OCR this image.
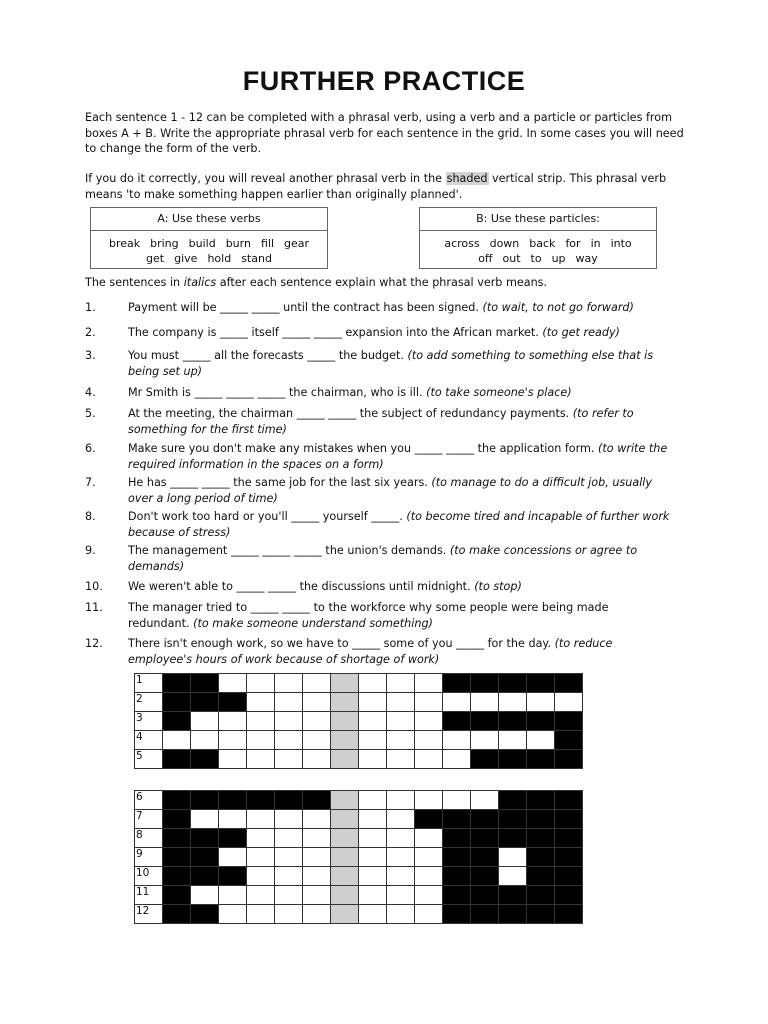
FURTHER PRACTICE
Each sentence 1 - 12 can be completed with a phrasal verb, using a verb and a particle or particles from boxes A + B. Write the appropriate phrasal verb for each sentence in the grid. In some cases you will need to change the form of the verb.
If you do it correctly, you will reveal another phrasal verb in the shaded vertical strip. This phrasal verb means 'to make something happen earlier than originally planned'.
A: Use these verbs
break bring build burn fill gear
get give hold stand
B: Use these particles:
across down back for in into
off out to up way
The sentences in italics after each sentence explain what the phrasal verb means.
1.	Payment will be _____ _____ until the contract has been signed. (to wait, to not go forward)
2.	The company is _____ itself _____ _____ expansion into the African market. (to get ready)
3.	You must _____ all the forecasts _____ the budget. (to add something to something else that is being set up)
4.	Mr Smith is _____ _____ _____ the chairman, who is ill. (to take someone's place)
5.	At the meeting, the chairman _____ _____ the subject of redundancy payments. (to refer to something for the first time)
6.	Make sure you don't make any mistakes when you _____ _____ the application form. (to write the required information in the spaces on a form)
7.	He has _____ _____ the same job for the last six years. (to manage to do a difficult job, usually over a long period of time)
8.	Don't work too hard or you'll _____ yourself _____. (to become tired and incapable of further work because of stress)
9.	The management _____ _____ _____ the union's demands. (to make concessions or agree to demands)
10.	We weren't able to _____ _____ the discussions until midnight. (to stop)
11.	The manager tried to _____ _____ to the workforce why some people were being made redundant. (to make someone understand something)
12.	There isn't enough work, so we have to _____ some of you _____ for the day. (to reduce employee's hours of work because of shortage of work)
1															

2															

3															

4															

5															

6															

7															

8															

9															

10															

11															

12															
